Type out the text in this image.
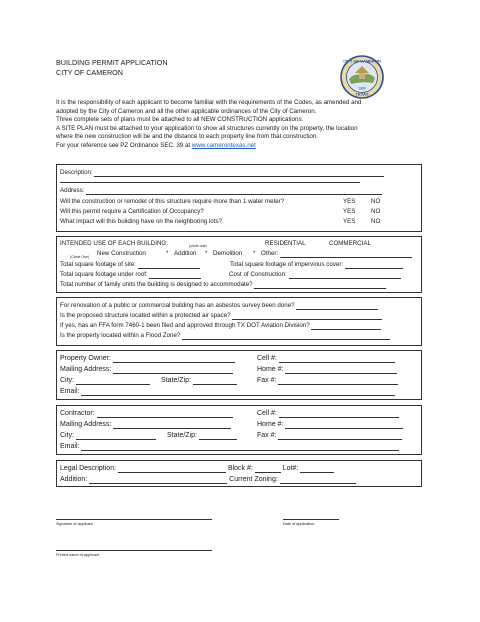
BUILDING PERMIT APPLICATION
CITY OF CAMERON
CITY OF CAMERON
TEXAS
1889
It is the responsibility of each applicant to become familiar with the requirements of the Codes, as amended and
adopted by the City of Cameron and all the other applicable ordinances of the City of Cameron.
Three complete sets of plans must be attached to all NEW CONSTRUCTION applications.
A SITE PLAN must be attached to your application to show all structures currently on the property, the location
where the new construction will be and the distance to each property line from that construction.
For your reference see PZ Ordinance SEC. 39 at www.camerontexas.net
Description:
Address:
Will the construction or remodel of this structure require more than 1 water meter?	YES	NO
Will this permit require a Certification of Occupancy?	YES	NO
What impact will this building have on the neighboring lots?	YES	NO
INTENDED USE OF EACH BUILDING:	(circle one)	RESIDENTIAL	COMMERCIAL
(Circle One) New Construction	* Addition * Demolition * Other:
Total square footage of site:	Total square footage of impervious cover:
Total square footage under roof:	Cost of Construction:
Total number of family units the building is designed to accommodate?
For renovation of a public or commercial building has an asbestos survey been done?
Is the proposed structure located within a protected air space?
If yes, has an FFA form 7460-1 been filed and approved through TX DOT Aviation Division?
Is the property located within a Flood Zone?
Property Owner:	Cell #:
Mailing Address:	Home #:
City:	State/Zip:	Fax #:
Email:
Contractor:	Cell #:
Mailing Address:	Home #:
City:	State/Zip:	Fax #:
Email:
Legal Description:	Block #:	Lot#:
Addition:	Current Zoning:
Signature of applicant	Date of application
Printed name of applicant
